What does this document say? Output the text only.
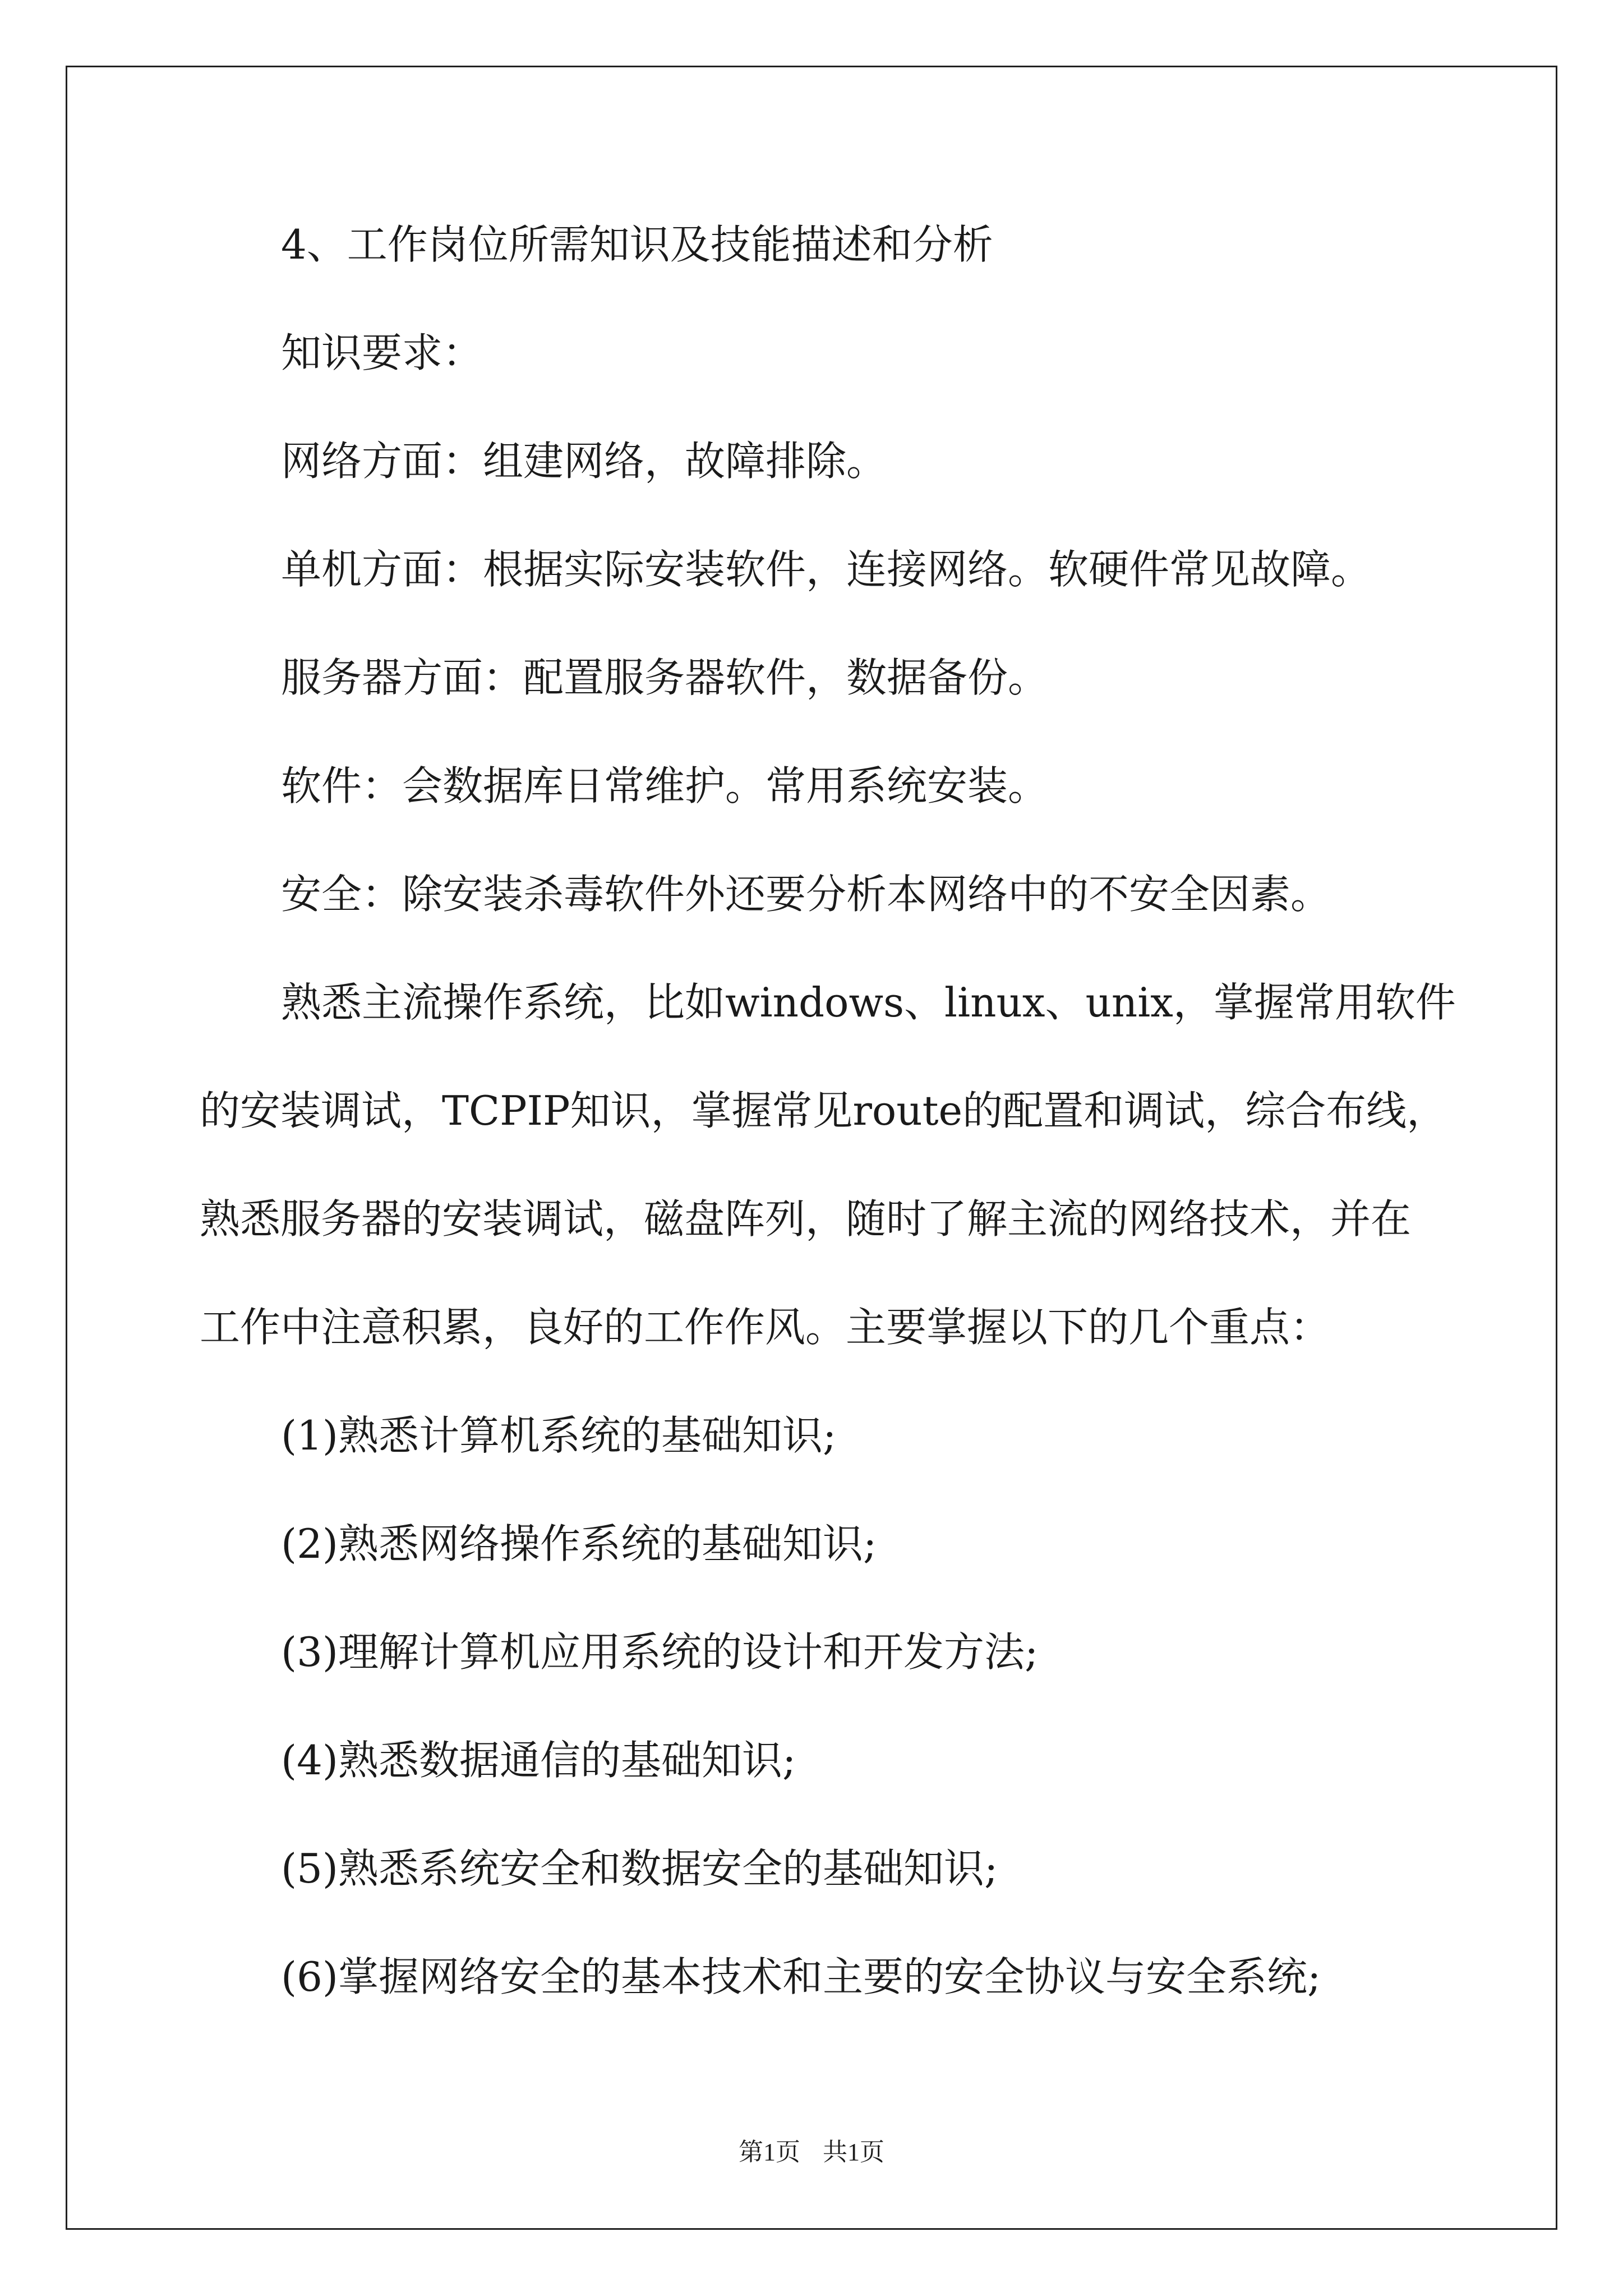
4、工作岗位所需知识及技能描述和分析
知识要求：
网络方面：组建网络，故障排除。
单机方面：根据实际安装软件，连接网络。软硬件常见故障。
服务器方面：配置服务器软件，数据备份。
软件：会数据库日常维护。常用系统安装。
安全：除安装杀毒软件外还要分析本网络中的不安全因素。
熟悉主流操作系统，比如windows、linux、unix，掌握常用软件
的安装调试，TCPIP知识，掌握常见route的配置和调试，综合布线，
熟悉服务器的安装调试，磁盘阵列，随时了解主流的网络技术，并在
工作中注意积累，良好的工作作风。主要掌握以下的几个重点：
(1)熟悉计算机系统的基础知识;
(2)熟悉网络操作系统的基础知识;
(3)理解计算机应用系统的设计和开发方法;
(4)熟悉数据通信的基础知识;
(5)熟悉系统安全和数据安全的基础知识;
(6)掌握网络安全的基本技术和主要的安全协议与安全系统;
第1页 共1页
